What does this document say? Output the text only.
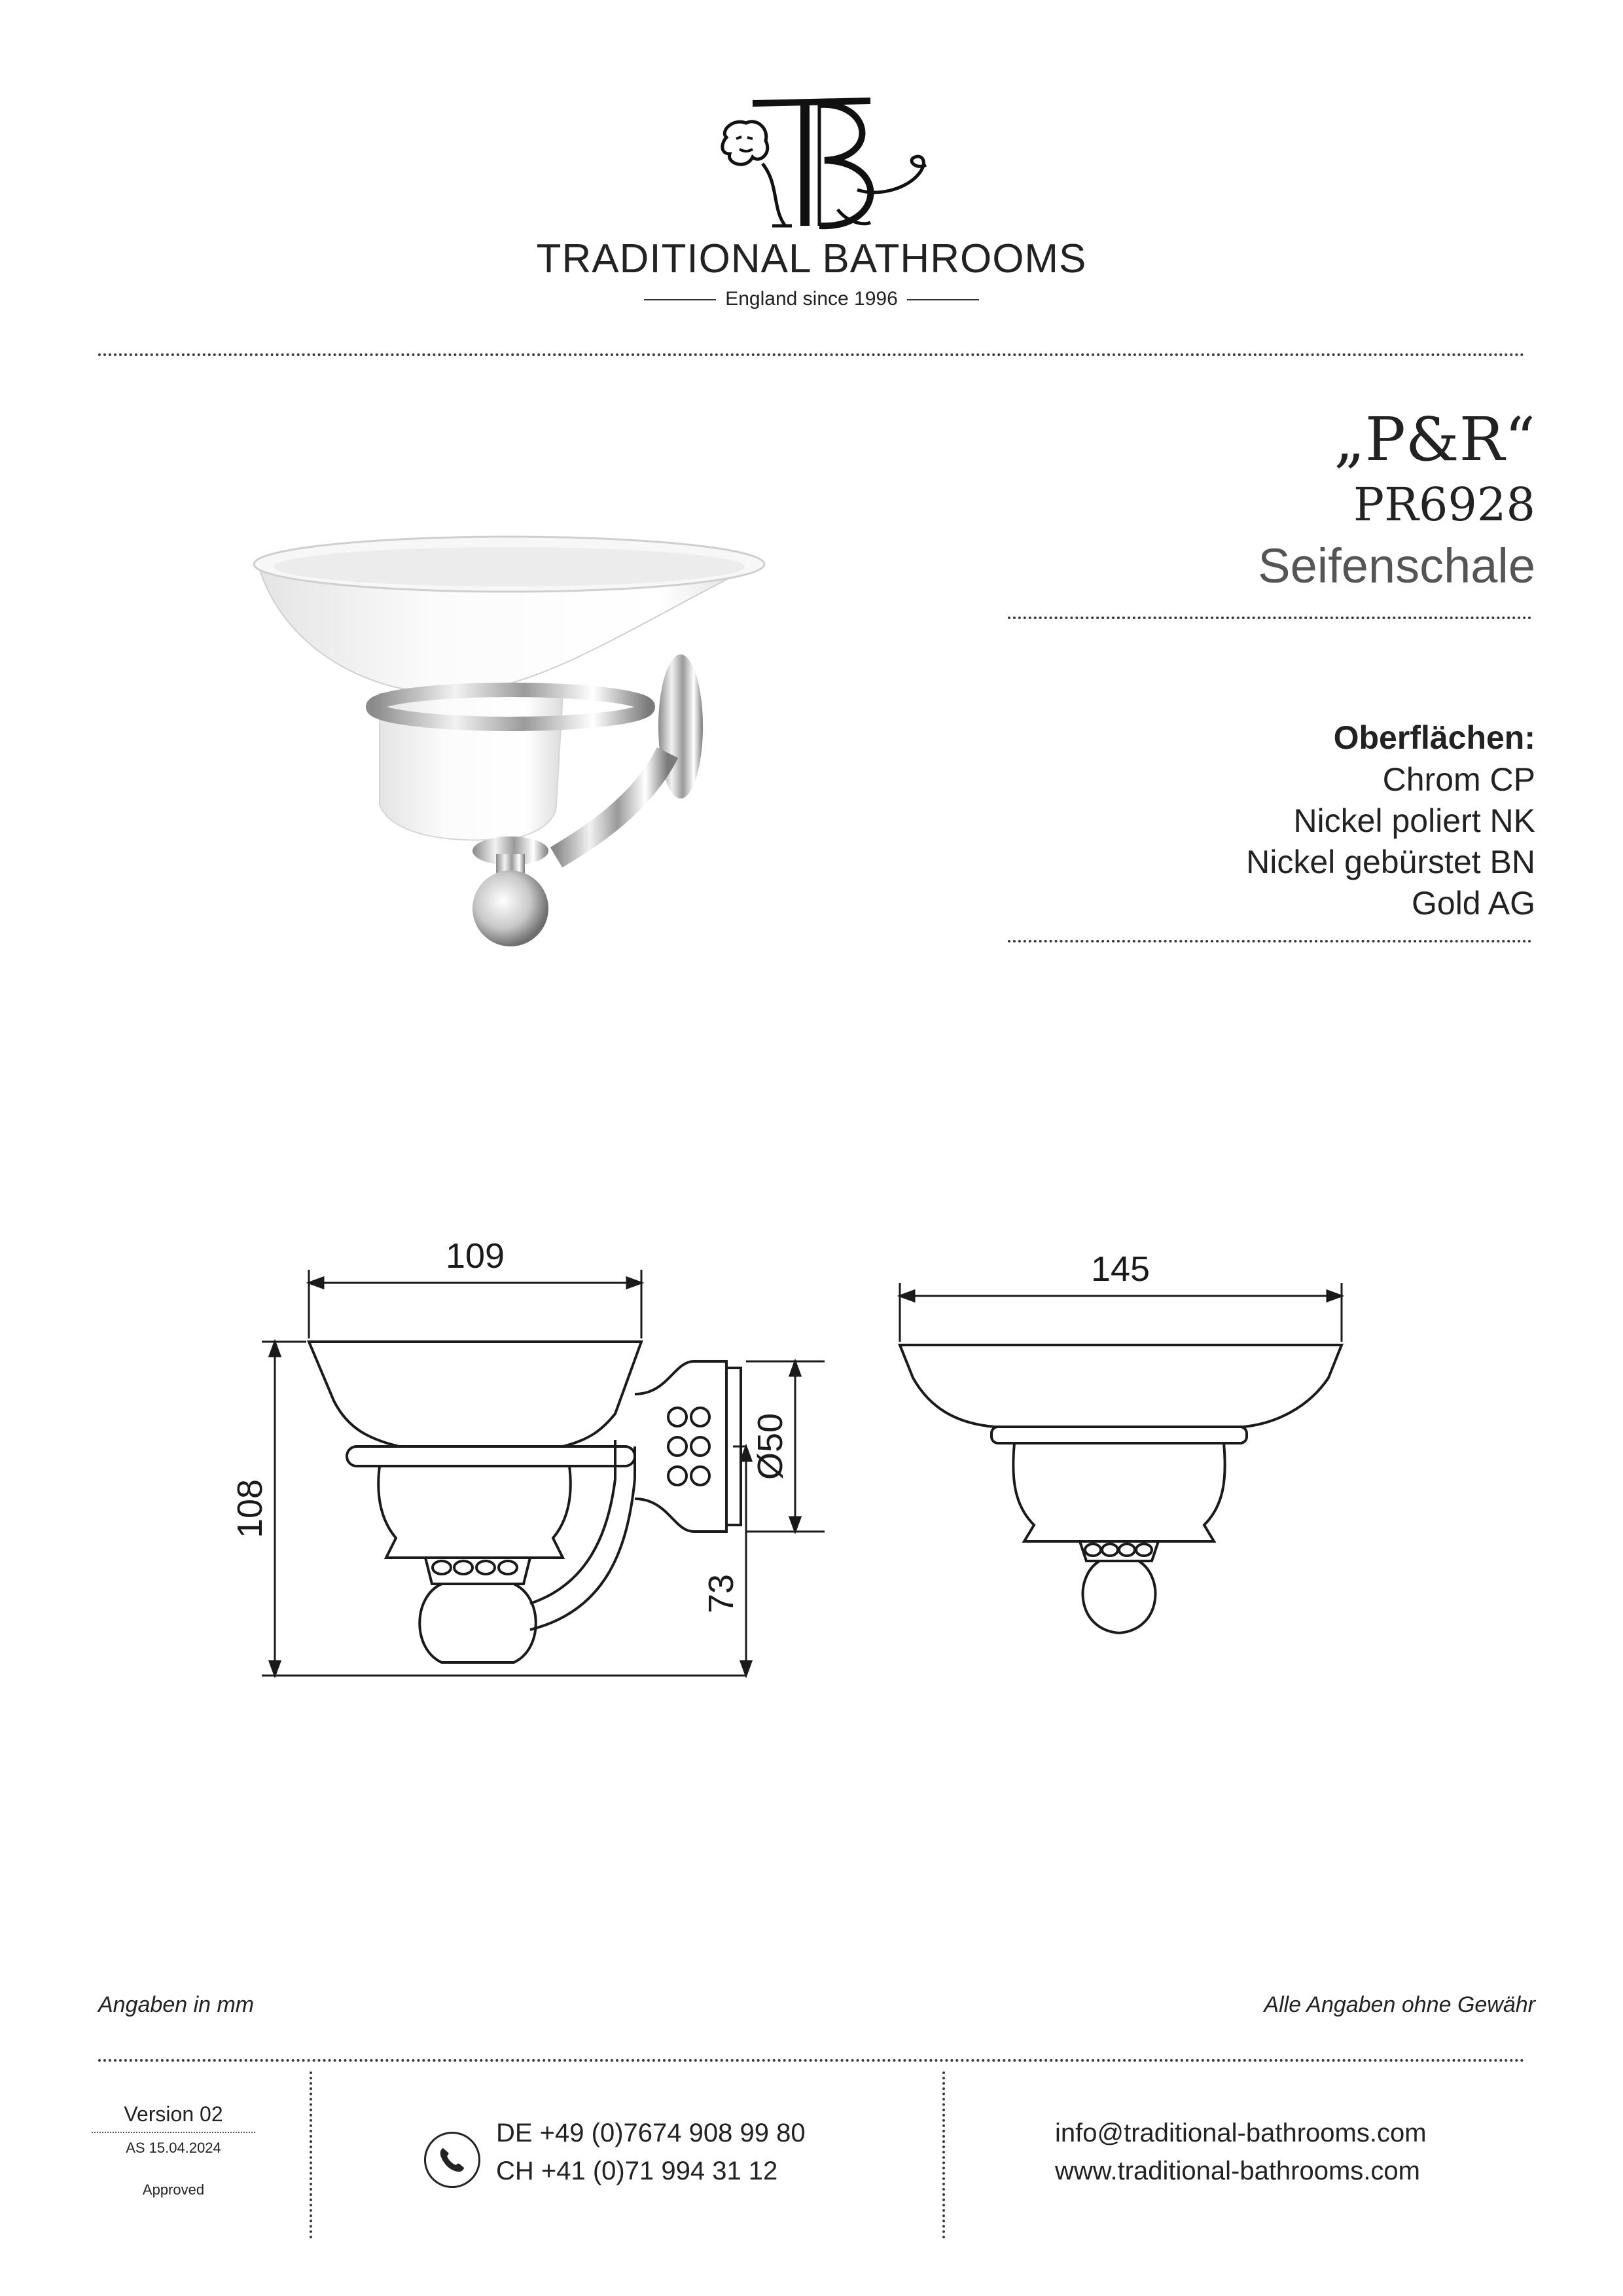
TRADITIONAL BATHROOMS
England since 1996
„P&R“
PR6928
Seifenschale
Oberflächen:
Chrom CP
Nickel poliert NK
Nickel gebürstet BN
Gold AG
109
108
Ø50
73
145
Angaben in mm	Alle Angaben ohne Gewähr
Version 02
AS 15.04.2024
Approved
DE +49 (0)7674 908 99 80
CH +41 (0)71 994 31 12
info@traditional-bathrooms.com
www.traditional-bathrooms.com
